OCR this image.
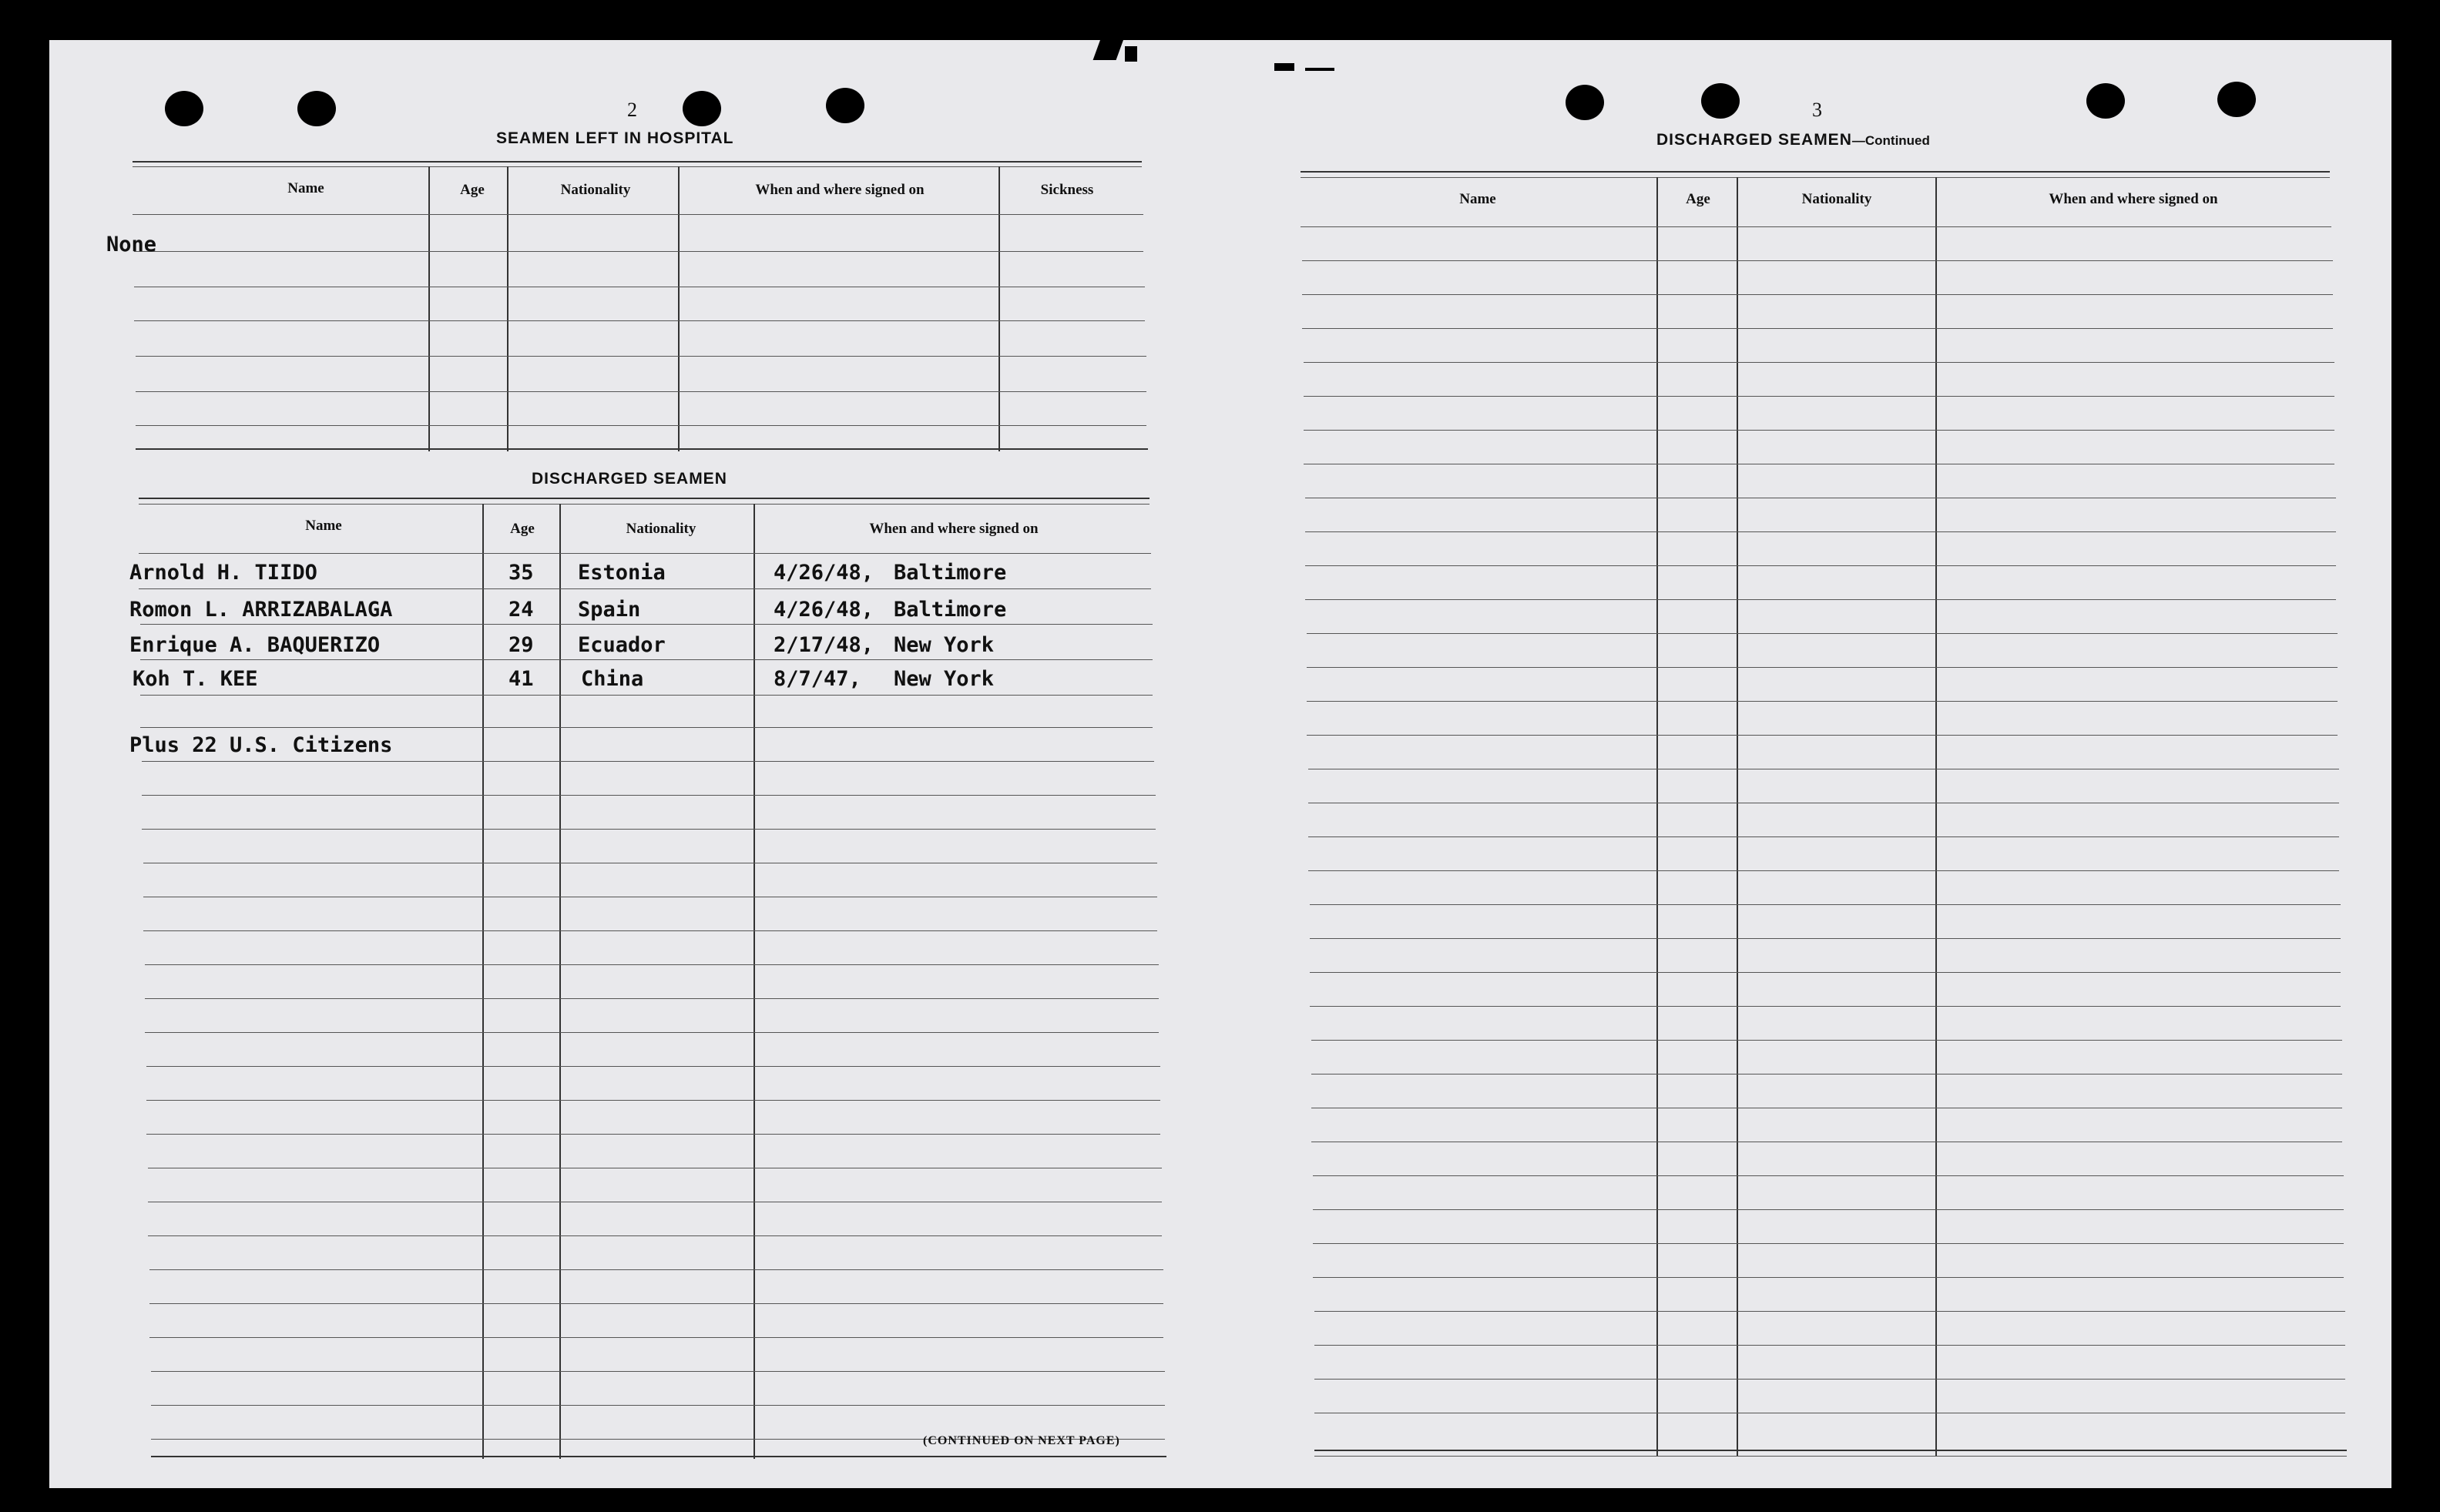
2
SEAMEN LEFT IN HOSPITAL
Name	Age	Nationality	When and where signed on	Sickness
None
DISCHARGED SEAMEN
Name	Age	Nationality	When and where signed on
Arnold H. TIIDO	35 Estonia	4/26/48, Baltimore
Romon L. ARRIZABALAGA	24 Spain	4/26/48, Baltimore
Enrique A. BAQUERIZO	29 Ecuador	2/17/48, New York
Koh T. KEE	41 China	8/7/47, New York
Plus 22 U.S. Citizens
(CONTINUED ON NEXT PAGE)
3
DISCHARGED SEAMEN—Continued
Name	Age	Nationality	When and where signed on
